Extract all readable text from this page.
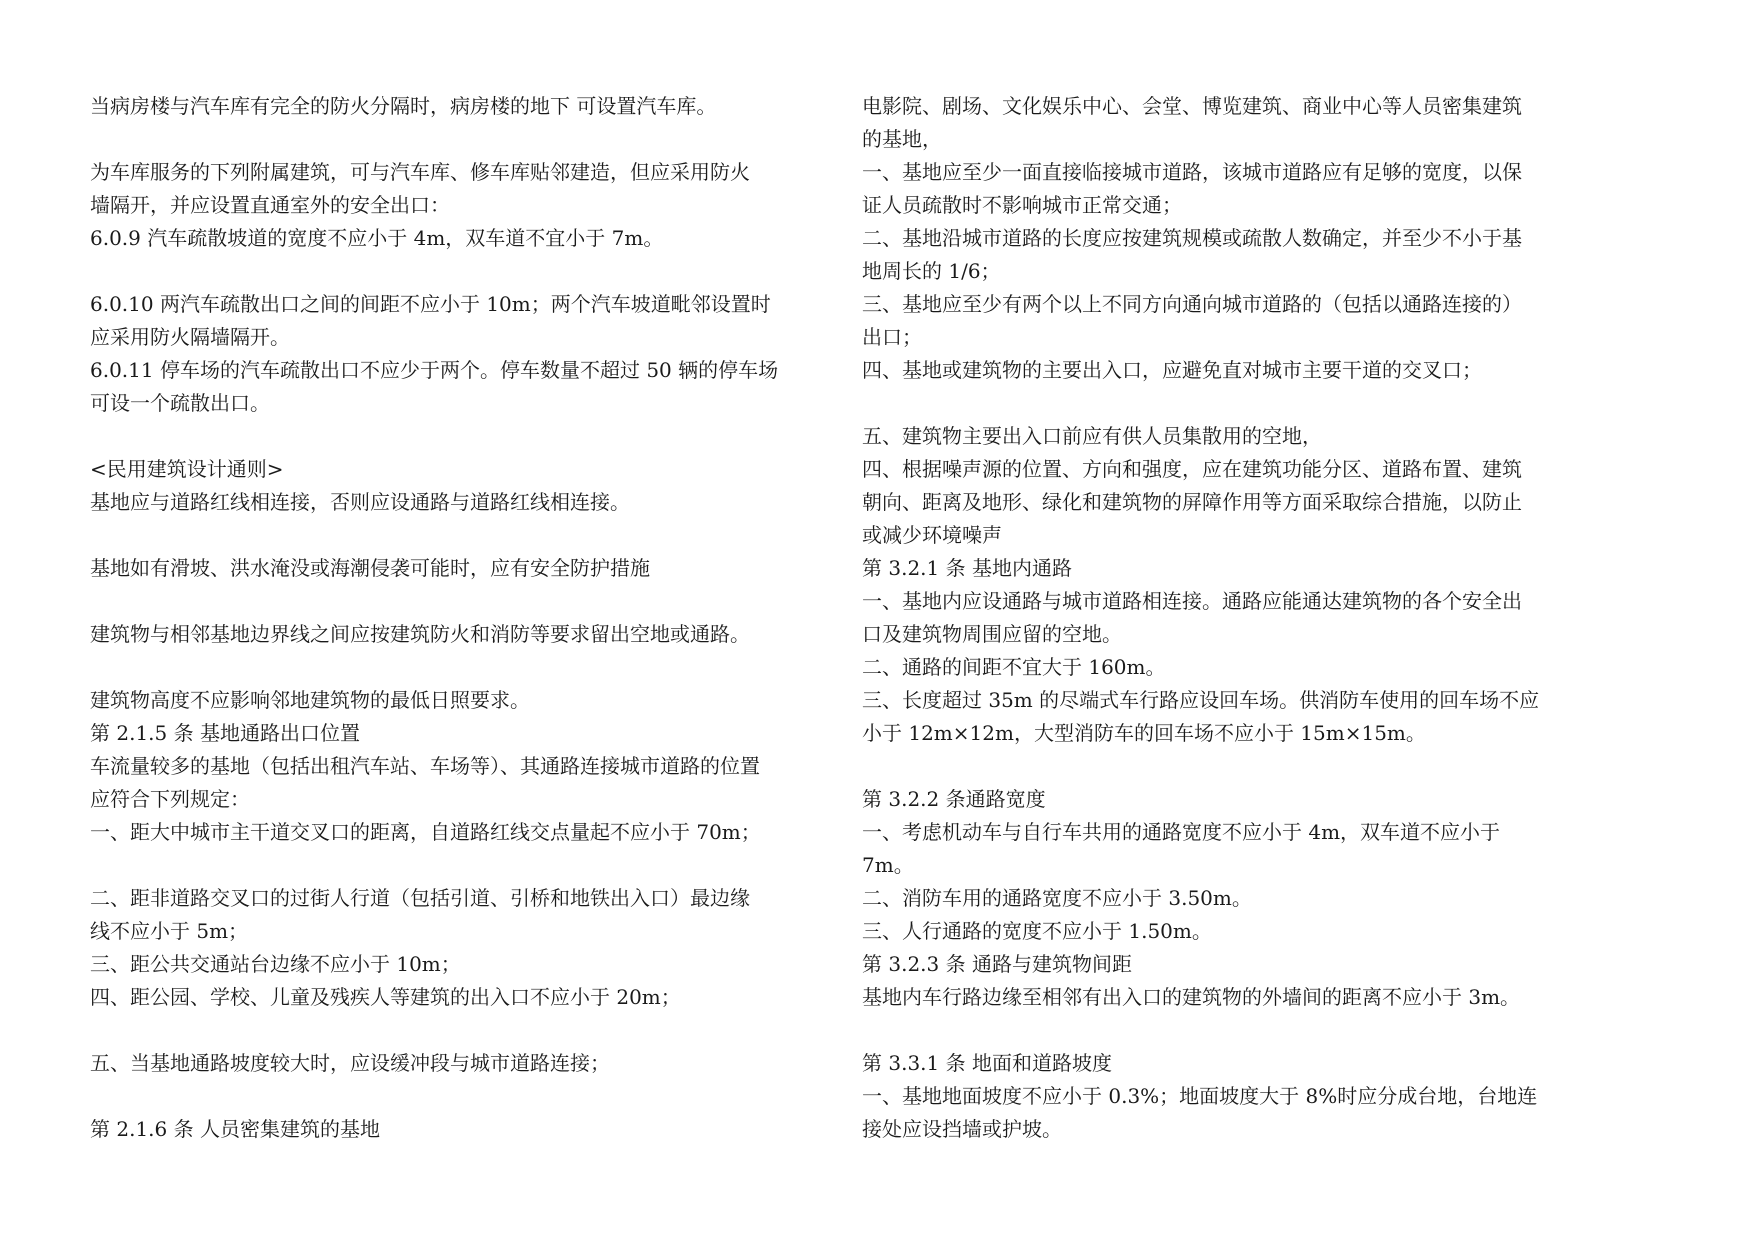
当病房楼与汽车库有完全的防火分隔时，病房楼的地下 可设置汽车库。
为车库服务的下列附属建筑，可与汽车库、修车库贴邻建造，但应采用防火
墙隔开，并应设置直通室外的安全出口：
6.0.9 汽车疏散坡道的宽度不应小于 4m，双车道不宜小于 7m。
6.0.10 两汽车疏散出口之间的间距不应小于 10m；两个汽车坡道毗邻设置时
应采用防火隔墙隔开。
6.0.11 停车场的汽车疏散出口不应少于两个。停车数量不超过 50 辆的停车场
可设一个疏散出口。
<民用建筑设计通则>
基地应与道路红线相连接，否则应设通路与道路红线相连接。
基地如有滑坡、洪水淹没或海潮侵袭可能时，应有安全防护措施
建筑物与相邻基地边界线之间应按建筑防火和消防等要求留出空地或通路。
建筑物高度不应影响邻地建筑物的最低日照要求。
第 2.1.5 条 基地通路出口位置
车流量较多的基地（包括出租汽车站、车场等）、其通路连接城市道路的位置
应符合下列规定：
一、距大中城市主干道交叉口的距离，自道路红线交点量起不应小于 70m；
二、距非道路交叉口的过街人行道（包括引道、引桥和地铁出入口）最边缘
线不应小于 5m；
三、距公共交通站台边缘不应小于 10m；
四、距公园、学校、儿童及残疾人等建筑的出入口不应小于 20m；
五、当基地通路坡度较大时，应设缓冲段与城市道路连接；
第 2.1.6 条 人员密集建筑的基地
电影院、剧场、文化娱乐中心、会堂、博览建筑、商业中心等人员密集建筑
的基地，
一、基地应至少一面直接临接城市道路，该城市道路应有足够的宽度，以保
证人员疏散时不影响城市正常交通；
二、基地沿城市道路的长度应按建筑规模或疏散人数确定，并至少不小于基
地周长的 1/6；
三、基地应至少有两个以上不同方向通向城市道路的（包括以通路连接的）
出口；
四、基地或建筑物的主要出入口，应避免直对城市主要干道的交叉口；
五、建筑物主要出入口前应有供人员集散用的空地，
四、根据噪声源的位置、方向和强度，应在建筑功能分区、道路布置、建筑
朝向、距离及地形、绿化和建筑物的屏障作用等方面采取综合措施，以防止
或减少环境噪声
第 3.2.1 条 基地内通路
一、基地内应设通路与城市道路相连接。通路应能通达建筑物的各个安全出
口及建筑物周围应留的空地。
二、通路的间距不宜大于 160m。
三、长度超过 35m 的尽端式车行路应设回车场。供消防车使用的回车场不应
小于 12m×12m，大型消防车的回车场不应小于 15m×15m。
第 3.2.2 条通路宽度
一、考虑机动车与自行车共用的通路宽度不应小于 4m，双车道不应小于
7m。
二、消防车用的通路宽度不应小于 3.50m。
三、人行通路的宽度不应小于 1.50m。
第 3.2.3 条 通路与建筑物间距
基地内车行路边缘至相邻有出入口的建筑物的外墙间的距离不应小于 3m。
第 3.3.1 条 地面和道路坡度
一、基地地面坡度不应小于 0.3%；地面坡度大于 8%时应分成台地，台地连
接处应设挡墙或护坡。
